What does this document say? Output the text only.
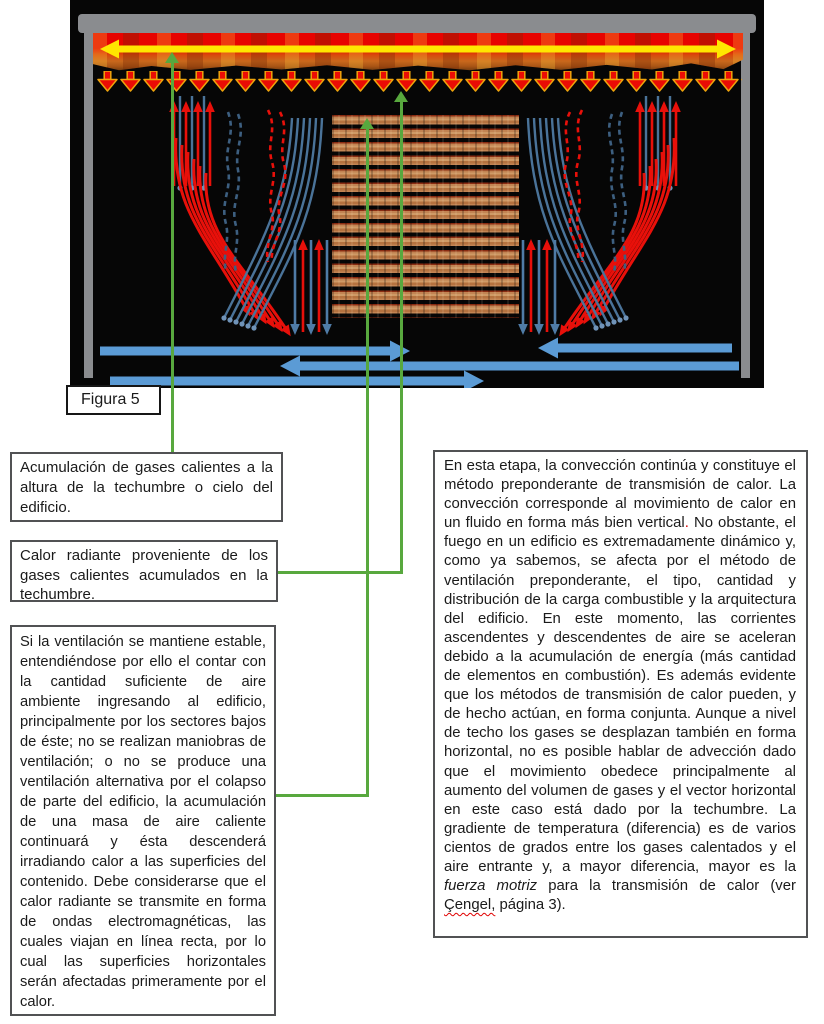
Figura 5

Acumulación de gases calientes a la altura de la techumbre o cielo del edificio.

Calor radiante proveniente de los gases calientes acumulados en la techumbre.

Si la ventilación se mantiene estable, entendiéndose por ello el contar con la cantidad suficiente de aire ambiente ingresando al edificio, principalmente por los sectores bajos de éste; no se realizan maniobras de ventilación; o no se produce una ventilación alternativa por el colapso de parte del edificio, la acumulación de una masa de aire caliente continuará y ésta descenderá irradiando calor a las superficies del contenido. Debe considerarse que el calor radiante se transmite en forma de ondas electromagnéticas, las cuales viajan en línea recta, por lo cual las superficies horizontales serán afectadas primeramente por el calor.

En esta etapa, la convección continúa y constituye el método preponderante de transmisión de calor. La convección corresponde al movimiento de calor en un fluido en forma más bien vertical. No obstante, el fuego en un edificio es extremadamente dinámico y, como ya sabemos, se afecta por el método de ventilación preponderante, el tipo, cantidad y distribución de la carga combustible y la arquitectura del edificio. En este momento, las corrientes ascendentes y descendentes de aire se aceleran debido a la acumulación de energía (más cantidad de elementos en combustión). Es además evidente que los métodos de transmisión de calor pueden, y de hecho actúan, en forma conjunta. Aunque a nivel de techo los gases se desplazan también en forma horizontal, no es posible hablar de advección dado que el movimiento obedece principalmente al aumento del volumen de gases y el vector horizontal en este caso está dado por la techumbre. La gradiente de temperatura (diferencia) es de varios cientos de grados entre los gases calentados y el aire entrante y, a mayor diferencia, mayor es la fuerza motriz para la transmisión de calor (ver Çengel, página 3).
